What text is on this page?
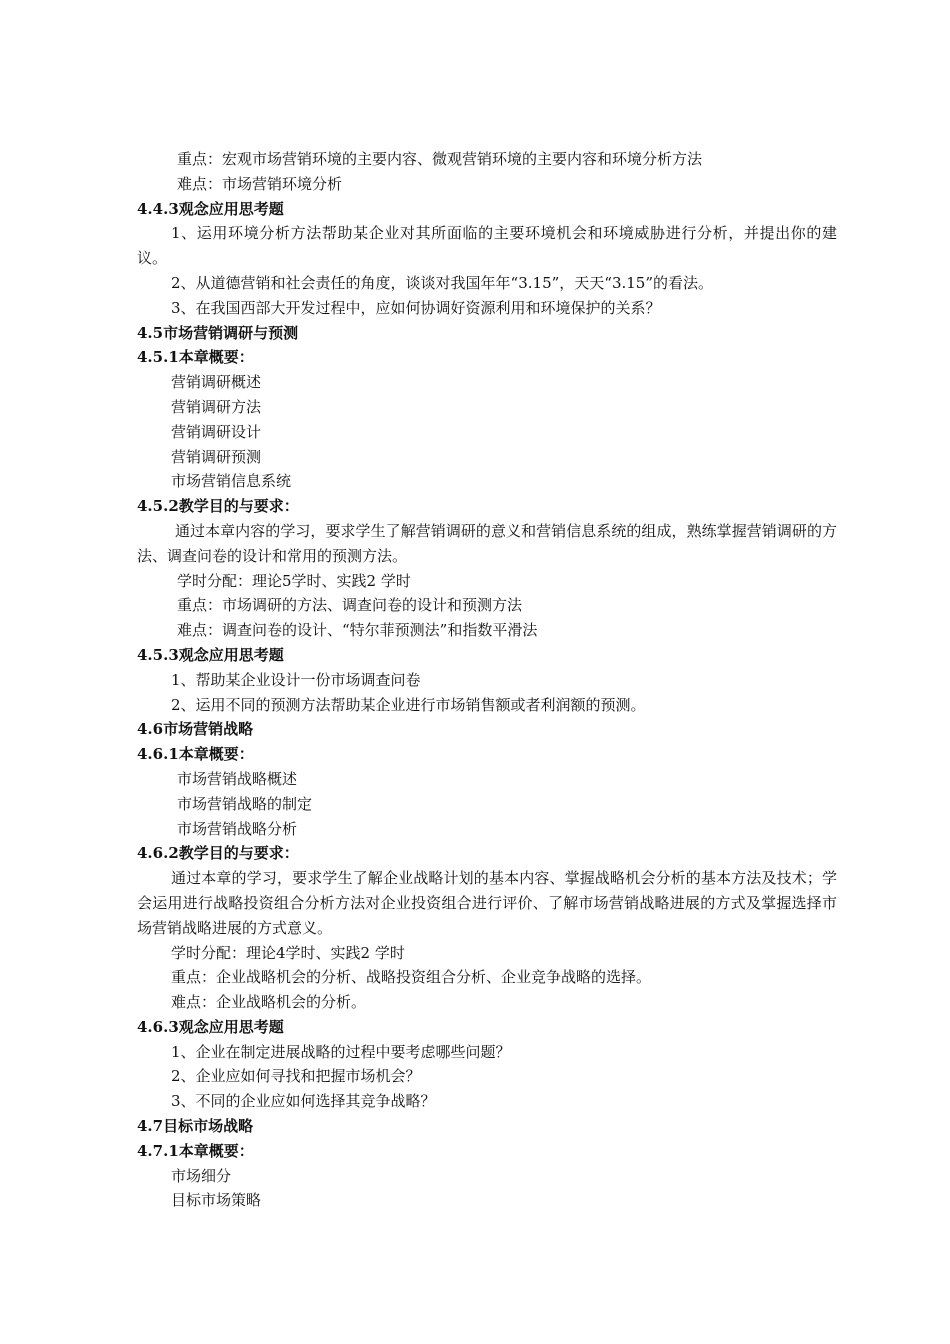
重点：宏观市场营销环境的主要内容、微观营销环境的主要内容和环境分析方法
难点：市场营销环境分析
4.4.3观念应用思考题
1、运用环境分析方法帮助某企业对其所面临的主要环境机会和环境威胁进行分析，并提出你的建议。
2、从道德营销和社会责任的角度，谈谈对我国年年“3.15”，天天“3.15”的看法。
3、在我国西部大开发过程中，应如何协调好资源利用和环境保护的关系？
4.5市场营销调研与预测
4.5.1本章概要：
营销调研概述
营销调研方法
营销调研设计
营销调研预测
市场营销信息系统
4.5.2教学目的与要求：
通过本章内容的学习，要求学生了解营销调研的意义和营销信息系统的组成，熟练掌握营销调研的方法、调查问卷的设计和常用的预测方法。
学时分配：理论5学时、实践2 学时
重点：市场调研的方法、调查问卷的设计和预测方法
难点：调查问卷的设计、“特尔菲预测法”和指数平滑法
4.5.3观念应用思考题
1、帮助某企业设计一份市场调查问卷
2、运用不同的预测方法帮助某企业进行市场销售额或者利润额的预测。
4.6市场营销战略
4.6.1本章概要：
市场营销战略概述
市场营销战略的制定
市场营销战略分析
4.6.2教学目的与要求：
通过本章的学习，要求学生了解企业战略计划的基本内容、掌握战略机会分析的基本方法及技术；学会运用进行战略投资组合分析方法对企业投资组合进行评价、了解市场营销战略进展的方式及掌握选择市场营销战略进展的方式意义。
学时分配：理论4学时、实践2 学时
重点：企业战略机会的分析、战略投资组合分析、企业竞争战略的选择。
难点：企业战略机会的分析。
4.6.3观念应用思考题
1、企业在制定进展战略的过程中要考虑哪些问题？
2、企业应如何寻找和把握市场机会？
3、不同的企业应如何选择其竞争战略？
4.7目标市场战略
4.7.1本章概要：
市场细分
目标市场策略
